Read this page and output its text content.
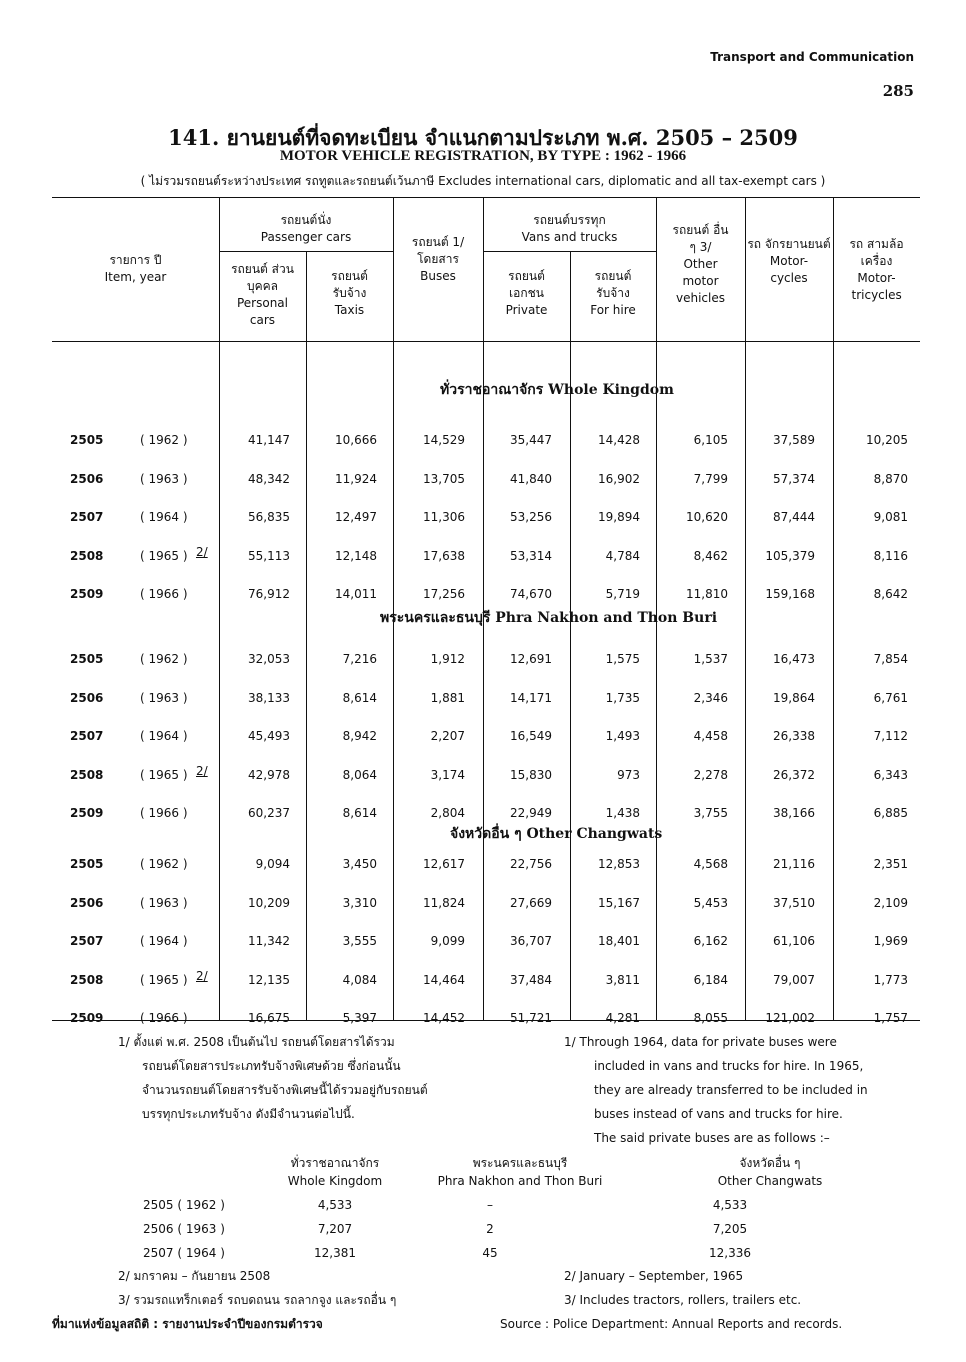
Transport and Communication
285
141. ยานยนต์ที่จดทะเบียน จำแนกตามประเภท พ.ศ. 2505 – 2509
MOTOR VEHICLE REGISTRATION, BY TYPE : 1962 - 1966
( ไม่รวมรถยนต์ระหว่างประเทศ รถทูตและรถยนต์เว้นภาษี Excludes international cars, diplomatic and all tax-exempt cars )
รายการ ปี
Item, year
รถยนต์นั่ง
Passenger cars
รถยนต์ ส่วนบุคคล
Personal cars
รถยนต์ รับจ้าง
Taxis
รถยนต์ 1/ โดยสาร
Buses
รถยนต์บรรทุก
Vans and trucks
รถยนต์ เอกชน
Private
รถยนต์ รับจ้าง
For hire
รถยนต์ อื่น ๆ 3/
Other motor vehicles
รถ จักรยานยนต์
Motor- cycles
รถ สามล้อเครื่อง
Motor- tricycles
ทั่วราชอาณาจักร Whole Kingdom
พระนครและธนบุรี Phra Nakhon and Thon Buri
จังหวัดอื่น ๆ Other Changwats
2505	( 1962 )	41,147	10,666	14,529	35,447	14,428	6,105	37,589	10,205
2506	( 1963 )	48,342	11,924	13,705	41,840	16,902	7,799	57,374	8,870
2507	( 1964 )	56,835	12,497	11,306	53,256	19,894	10,620	87,444	9,081
2508	( 1965 ) 2/	55,113	12,148	17,638	53,314	4,784	8,462	105,379	8,116
2509	( 1966 )	76,912	14,011	17,256	74,670	5,719	11,810	159,168	8,642
2505	( 1962 )	32,053	7,216	1,912	12,691	1,575	1,537	16,473	7,854
2506	( 1963 )	38,133	8,614	1,881	14,171	1,735	2,346	19,864	6,761
2507	( 1964 )	45,493	8,942	2,207	16,549	1,493	4,458	26,338	7,112
2508	( 1965 ) 2/	42,978	8,064	3,174	15,830	973	2,278	26,372	6,343
2509	( 1966 )	60,237	8,614	2,804	22,949	1,438	3,755	38,166	6,885
2505	( 1962 )	9,094	3,450	12,617	22,756	12,853	4,568	21,116	2,351
2506	( 1963 )	10,209	3,310	11,824	27,669	15,167	5,453	37,510	2,109
2507	( 1964 )	11,342	3,555	9,099	36,707	18,401	6,162	61,106	1,969
2508	( 1965 ) 2/	12,135	4,084	14,464	37,484	3,811	6,184	79,007	1,773
2509	( 1966 )	16,675	5,397	14,452	51,721	4,281	8,055	121,002	1,757
1/ ตั้งแต่ พ.ศ. 2508 เป็นต้นไป รถยนต์โดยสารได้รวม
รถยนต์โดยสารประเภทรับจ้างพิเศษด้วย ซึ่งก่อนนั้น
จำนวนรถยนต์โดยสารรับจ้างพิเศษนี้ได้รวมอยู่กับรถยนต์
บรรทุกประเภทรับจ้าง ดังมีจำนวนต่อไปนี้.
1/ Through 1964, data for private buses were
included in vans and trucks for hire. In 1965,
they are already transferred to be included in
buses instead of vans and trucks for hire.
The said private buses are as follows :–
ทั่วราชอาณาจักร
Whole Kingdom
พระนครและธนบุรี
Phra Nakhon and Thon Buri
จังหวัดอื่น ๆ
Other Changwats
2505 ( 1962 )	4,533	–	4,533
2506 ( 1963 )	7,207	2	7,205
2507 ( 1964 )	12,381	45	12,336
2/ มกราคม – กันยายน 2508	2/ January – September, 1965
3/ รวมรถแทร็กเตอร์ รถบดถนน รถลากจูง และรถอื่น ๆ	3/ Includes tractors, rollers, trailers etc.
ที่มาแห่งข้อมูลสถิติ : รายงานประจำปีของกรมตำรวจ	Source : Police Department: Annual Reports and records.
